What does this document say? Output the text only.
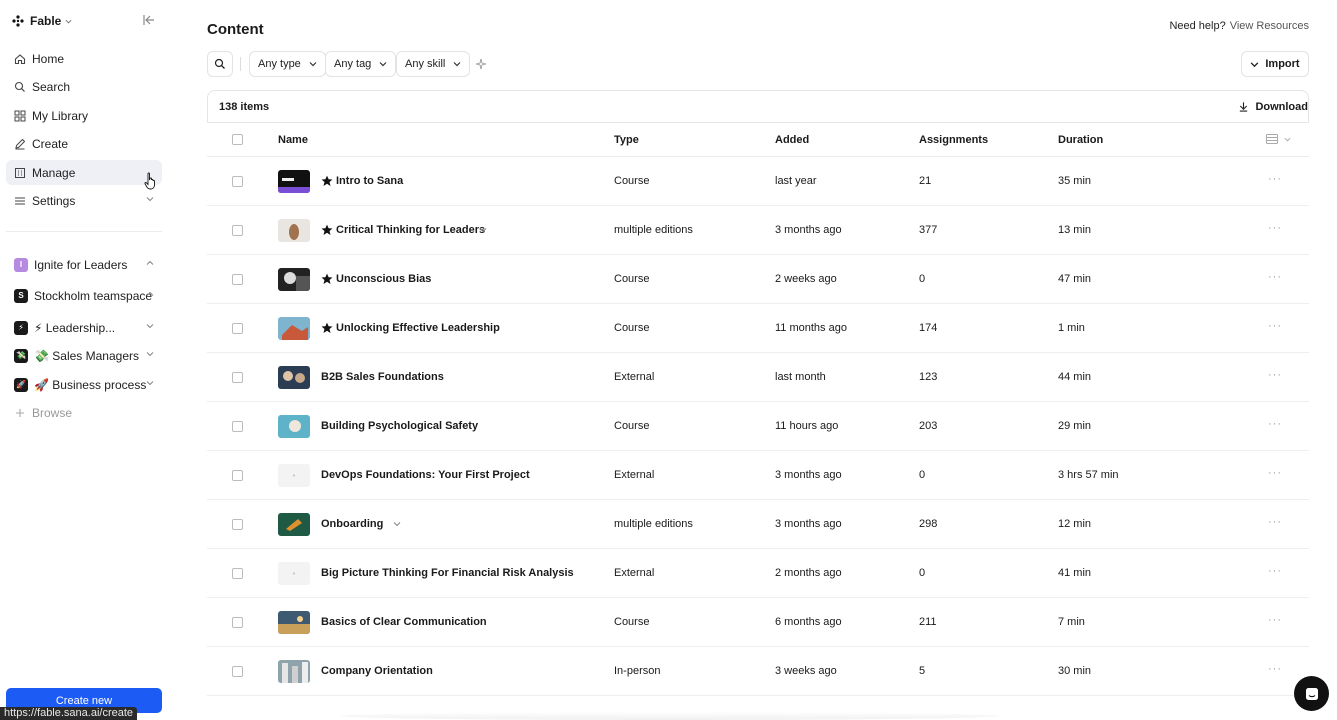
Fable
Home
Search
My Library
Create
Manage
Settings
I Ignite for Leaders
S Stockholm teamspace
⚡ ⚡ Leadership...
💸 💸 Sales Managers
🚀 🚀 Business process
Browse
Create new
https://fable.sana.ai/create
Content	Need help? View Resources
Any type	Any tag	Any skill	Import
138 items	Download
Name	Type	Added	Assignments	Duration
Intro to Sana	Course	last year	21	35 min	···
Critical Thinking for Leaders	multiple editions	3 months ago	377	13 min	···
Unconscious Bias	Course	2 weeks ago	0	47 min	···
Unlocking Effective Leadership	Course	11 months ago	174	1 min	···
B2B Sales Foundations	External	last month	123	44 min	···
Building Psychological Safety	Course	11 hours ago	203	29 min	···
DevOps Foundations: Your First Project	External	3 months ago	0	3 hrs 57 min	···
Onboarding	multiple editions	3 months ago	298	12 min	···
Big Picture Thinking For Financial Risk Analysis	External	2 months ago	0	41 min	···
Basics of Clear Communication	Course	6 months ago	211	7 min	···
Company Orientation	In-person	3 weeks ago	5	30 min	···
